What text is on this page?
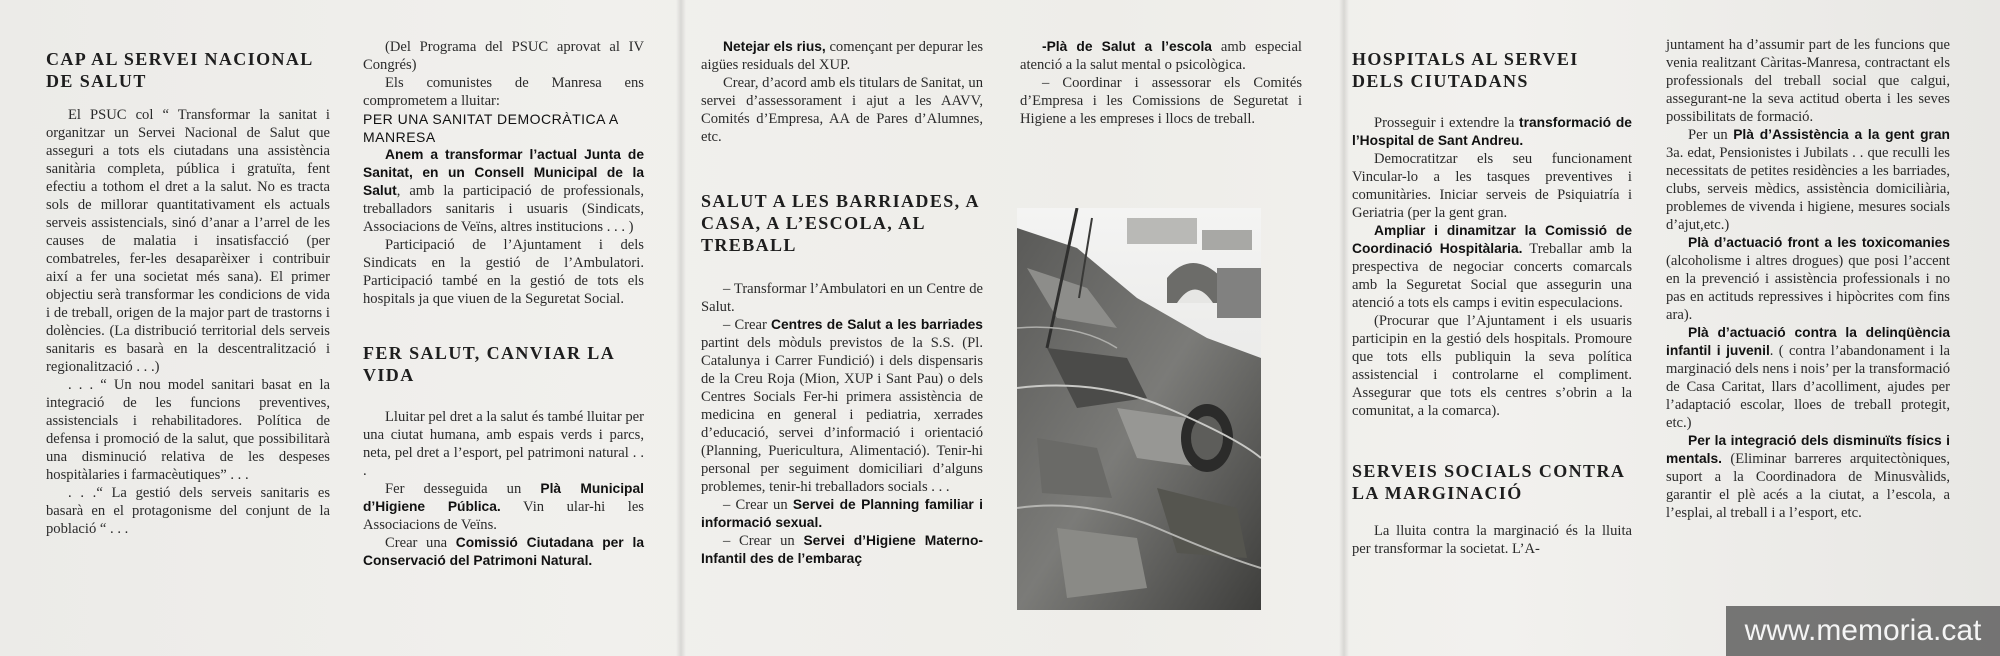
CAP AL SERVEI NACIONAL DE SALUT

El PSUC col “ Transformar la sanitat i organitzar un Servei Nacional de Salut que asseguri a tots els ciutadans una assistència sanitària completa, pública i gratuïta, fent efectiu a tothom el dret a la salut. No es tracta sols de millorar quantitativament els actuals serveis assistencials, sinó d’anar a l’arrel de les causes de malatia i insatisfacció (per combatreles, fer-les desaparèixer i contribuir així a fer una societat més sana). El primer objectiu serà transformar les condicions de vida i de treball, origen de la major part de trastorns i dolències. (La distribució territorial dels serveis sanitaris es basarà en la descentralització i regionalització . . .)

. . . “ Un nou model sanitari basat en la integració de les funcions preventives, assistencials i rehabilitadores. Política de defensa i promoció de la salut, que possibilitarà una disminució relativa de les despeses hospitàlaries i farmacèutiques” . . .

. . .“ La gestió dels serveis sanitaris es basarà en el protagonisme del conjunt de la població “ . . .

(Del Programa del PSUC aprovat al IV Congrés)

Els comunistes de Manresa ens comprometem a lluitar:

PER UNA SANITAT DEMOCRÀTICA A MANRESA

Anem a transformar l’actual Junta de Sanitat, en un Consell Municipal de la Salut, amb la participació de professionals, treballadors sanitaris i usuaris (Sindicats, Associacions de Veïns, altres institucions . . . )

Participació de l’Ajuntament i dels Sindicats en la gestió de l’Ambulatori. Participació també en la gestió de tots els hospitals ja que viuen de la Seguretat Social.

FER SALUT, CANVIAR LA VIDA

Lluitar pel dret a la salut és també lluitar per una ciutat humana, amb espais verds i parcs, neta, pel dret a l’esport, pel patrimoni natural . . .

Fer desseguida un Plà Municipal d’Higiene Pública. Vin ular-hi les Associacions de Veïns.

Crear una Comissió Ciutadana per la Conservació del Patrimoni Natural.

Netejar els rius, començant per depurar les aigües residuals del XUP.

Crear, d’acord amb els titulars de Sanitat, un servei d’assessorament i ajut a les AAVV, Comités d’Empresa, AA de Pares d’Alumnes, etc.

SALUT A LES BARRIADES, A CASA, A L’ESCOLA, AL TREBALL

– Transformar l’Ambulatori en un Centre de Salut.

– Crear Centres de Salut a les barriades partint dels mòduls previstos de la S.S. (Pl. Catalunya i Carrer Fundició) i dels dispensaris de la Creu Roja (Mion, XUP i Sant Pau) o dels Centres Socials Fer-hi primera assistència de medicina en general i pediatria, xerrades d’educació, servei d’informació i orientació (Planning, Puericultura, Alimentació). Tenir-hi personal per seguiment domiciliari d’alguns problemes, tenir-hi treballadors socials . . .

– Crear un Servei de Planning familiar i informació sexual.

– Crear un Servei d’Higiene Materno-Infantil des de l’embaraç

-Plà de Salut a l’escola amb especial atenció a la salut mental o psicològica.

– Coordinar i assessorar els Comités d’Empresa i les Comissions de Seguretat i Higiene a les empreses i llocs de treball.

HOSPITALS AL SERVEI DELS CIUTADANS

Prosseguir i extendre la transformació de l’Hospital de Sant Andreu.

Democratitzar els seu funcionament Vincular-lo a les tasques preventives i comunitàries. Iniciar serveis de Psiquiatría i Geriatria (per la gent gran.

Ampliar i dinamitzar la Comissió de Coordinació Hospitàlaria. Treballar amb la prespectiva de negociar concerts comarcals amb la Seguretat Social que assegurin una atenció a tots els camps i evitin especulacions.

(Procurar que l’Ajuntament i els usuaris participin en la gestió dels hospitals. Promoure que tots ells publiquin la seva política assistencial i controlarne el compliment. Assegurar que tots els centres s’obrin a la comunitat, a la comarca).

SERVEIS SOCIALS CONTRA LA MARGINACIÓ

La lluita contra la marginació és la lluita per transformar la societat. L’A-

juntament ha d’assumir part de les funcions que venia realitzant Càritas-Manresa, contractant els professionals del treball social que calgui, assegurant-ne la seva actitud oberta i les seves possibilitats de formació.

Per un Plà d’Assistència a la gent gran 3a. edat, Pensionistes i Jubilats . . que reculli les necessitats de petites residències a les barriades, clubs, serveis mèdics, assistència domiciliària, problemes de vivenda i higiene, mesures socials d’ajut,etc.)

Plà d’actuació front a les toxicomanies (alcoholisme i altres drogues) que posi l’accent en la prevenció i assistència professionals i no pas en actituds repressives i hipòcrites com fins ara).

Plà d’actuació contra la delinqüència infantil i juvenil. ( contra l’abandonament i la marginació dels nens i nois’ per la transformació de Casa Caritat, llars d’acolliment, ajudes per l’adaptació escolar, lloes de treball protegit, etc.)

Per la integració dels disminuïts físics i mentals. (Eliminar barreres arquitectòniques, suport a la Coordinadora de Minusvàlids, garantir el plè acés a la ciutat, a l’escola, a l’esplai, al treball i a l’esport, etc.

www.memoria.cat
